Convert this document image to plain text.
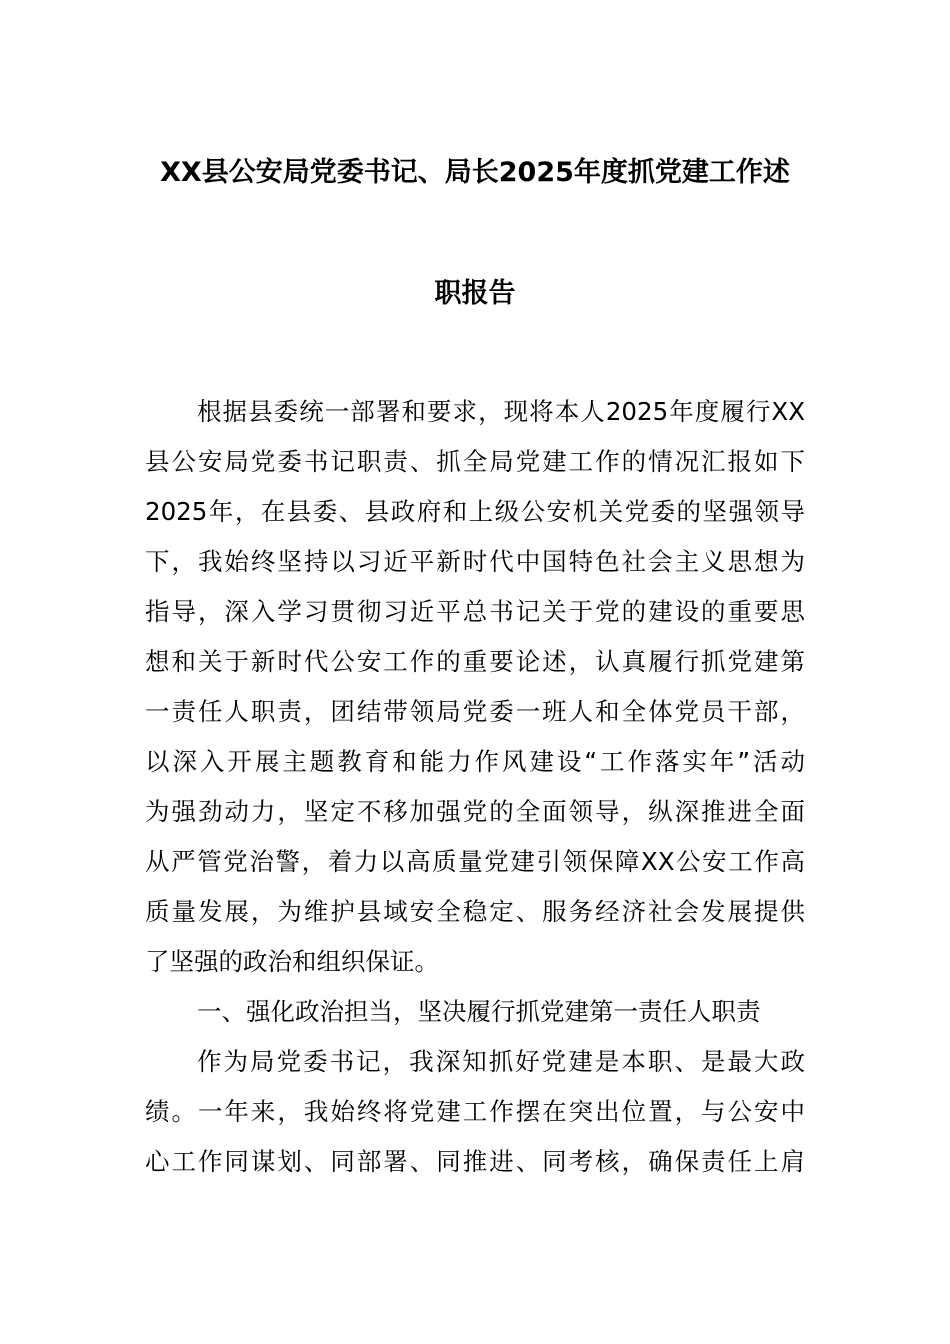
XX县公安局党委书记、局长2025年度抓党建工作述
职报告
根据县委统一部署和要求，现将本人2025年度履行XX
县公安局党委书记职责、抓全局党建工作的情况汇报如下
2025年，在县委、县政府和上级公安机关党委的坚强领导
下，我始终坚持以习近平新时代中国特色社会主义思想为
指导，深入学习贯彻习近平总书记关于党的建设的重要思
想和关于新时代公安工作的重要论述，认真履行抓党建第
一责任人职责，团结带领局党委一班人和全体党员干部，
以深入开展主题教育和能力作风建设“工作落实年”活动
为强劲动力，坚定不移加强党的全面领导，纵深推进全面
从严管党治警，着力以高质量党建引领保障XX公安工作高
质量发展，为维护县域安全稳定、服务经济社会发展提供
了坚强的政治和组织保证。
一、强化政治担当，坚决履行抓党建第一责任人职责
作为局党委书记，我深知抓好党建是本职、是最大政
绩。一年来，我始终将党建工作摆在突出位置，与公安中
心工作同谋划、同部署、同推进、同考核，确保责任上肩
